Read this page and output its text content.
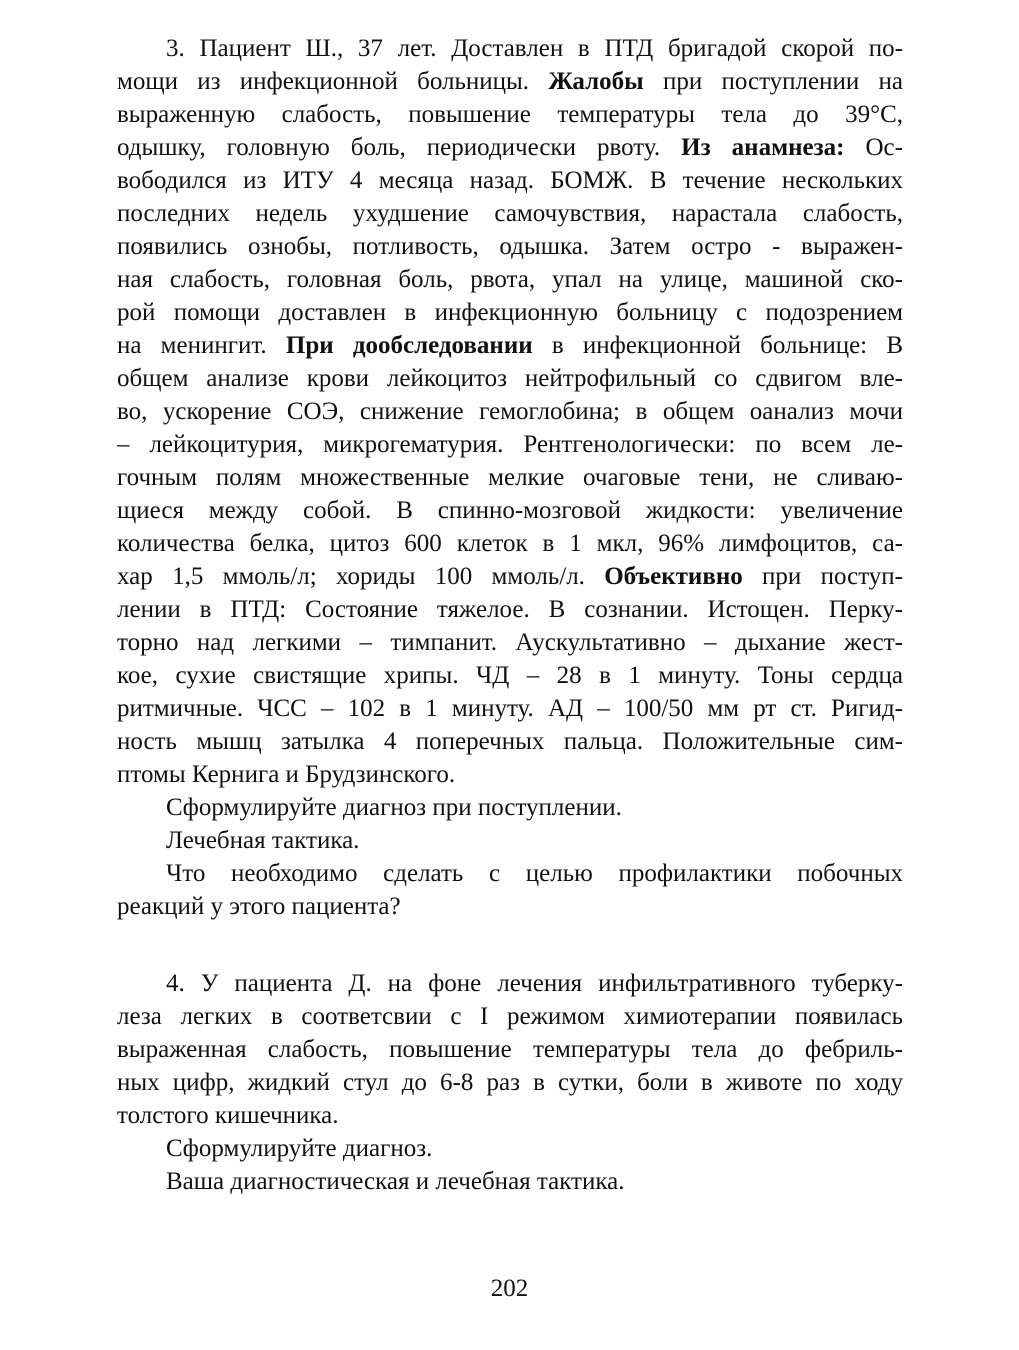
3. Пациент Ш., 37 лет. Доставлен в ПТД бригадой скорой по-
мощи из инфекционной больницы. Жалобы при поступлении на
выраженную слабость, повышение температуры тела до 39°С,
одышку, головную боль, периодически рвоту. Из анамнеза: Ос-
вободился из ИТУ 4 месяца назад. БОМЖ. В течение нескольких
последних недель ухудшение самочувствия, нарастала слабость,
появились ознобы, потливость, одышка. Затем остро - выражен-
ная слабость, головная боль, рвота, упал на улице, машиной ско-
рой помощи доставлен в инфекционную больницу с подозрением
на менингит. При дообследовании в инфекционной больнице: В
общем анализе крови лейкоцитоз нейтрофильный со сдвигом вле-
во, ускорение СОЭ, снижение гемоглобина; в общем оанализ мочи
– лейкоцитурия, микрогематурия. Рентгенологически: по всем ле-
гочным полям множественные мелкие очаговые тени, не сливаю-
щиеся между собой. В спинно-мозговой жидкости: увеличение
количества белка, цитоз 600 клеток в 1 мкл, 96% лимфоцитов, са-
хар 1,5 ммоль/л; хориды 100 ммоль/л. Объективно при поступ-
лении в ПТД: Состояние тяжелое. В сознании. Истощен. Перку-
торно над легкими – тимпанит. Аускультативно – дыхание жест-
кое, сухие свистящие хрипы. ЧД – 28 в 1 минуту. Тоны сердца
ритмичные. ЧСС – 102 в 1 минуту. АД – 100/50 мм рт ст. Ригид-
ность мышц затылка 4 поперечных пальца. Положительные сим-
птомы Кернига и Брудзинского.
Сформулируйте диагноз при поступлении.
Лечебная тактика.
Что необходимо сделать с целью профилактики побочных
реакций у этого пациента?
4. У пациента Д. на фоне лечения инфильтративного туберку-
леза легких в соответсвии с I режимом химиотерапии появилась
выраженная слабость, повышение температуры тела до фебриль-
ных цифр, жидкий стул до 6-8 раз в сутки, боли в животе по ходу
толстого кишечника.
Сформулируйте диагноз.
Ваша диагностическая и лечебная тактика.
202
